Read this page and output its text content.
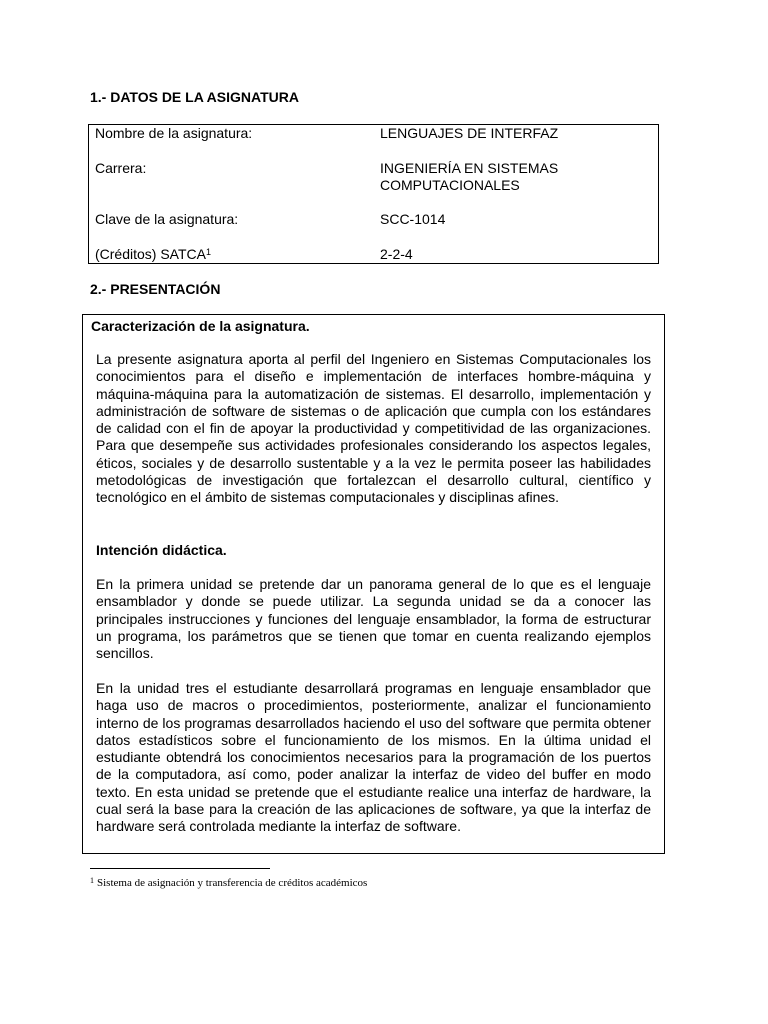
1.- DATOS DE LA ASIGNATURA
Nombre de la asignatura:	LENGUAJES DE INTERFAZ
Carrera:	INGENIERÍA EN SISTEMAS COMPUTACIONALES
Clave de la asignatura:	SCC-1014
(Créditos) SATCA$^1$	2-2-4
2.- PRESENTACIÓN

Caracterización de la asignatura.

La presente asignatura aporta al perfil del Ingeniero en Sistemas Computacionales los conocimientos para el diseño e implementación de interfaces hombre-máquina y máquina-máquina para la automatización de sistemas. El desarrollo, implementación y administración de software de sistemas o de aplicación que cumpla con los estándares de calidad con el fin de apoyar la productividad y competitividad de las organizaciones. Para que desempeñe sus actividades profesionales considerando los aspectos legales, éticos, sociales y de desarrollo sustentable y a la vez le permita poseer las habilidades metodológicas de investigación que fortalezcan el desarrollo cultural, científico y tecnológico en el ámbito de sistemas computacionales y disciplinas afines.

Intención didáctica.

En la primera unidad se pretende dar un panorama general de lo que es el lenguaje ensamblador y donde se puede utilizar. La segunda unidad se da a conocer las principales instrucciones y funciones del lenguaje ensamblador, la forma de estructurar un programa, los parámetros que se tienen que tomar en cuenta realizando ejemplos sencillos.

En la unidad tres el estudiante desarrollará programas en lenguaje ensamblador que haga uso de macros o procedimientos, posteriormente, analizar el funcionamiento interno de los programas desarrollados haciendo el uso del software que permita obtener datos estadísticos sobre el funcionamiento de los mismos. En la última unidad el estudiante obtendrá los conocimientos necesarios para la programación de los puertos de la computadora, así como, poder analizar la interfaz de video del buffer en modo texto. En esta unidad se pretende que el estudiante realice una interfaz de hardware, la cual será la base para la creación de las aplicaciones de software, ya que la interfaz de hardware será controlada mediante la interfaz de software.

$^1$ Sistema de asignación y transferencia de créditos académicos
